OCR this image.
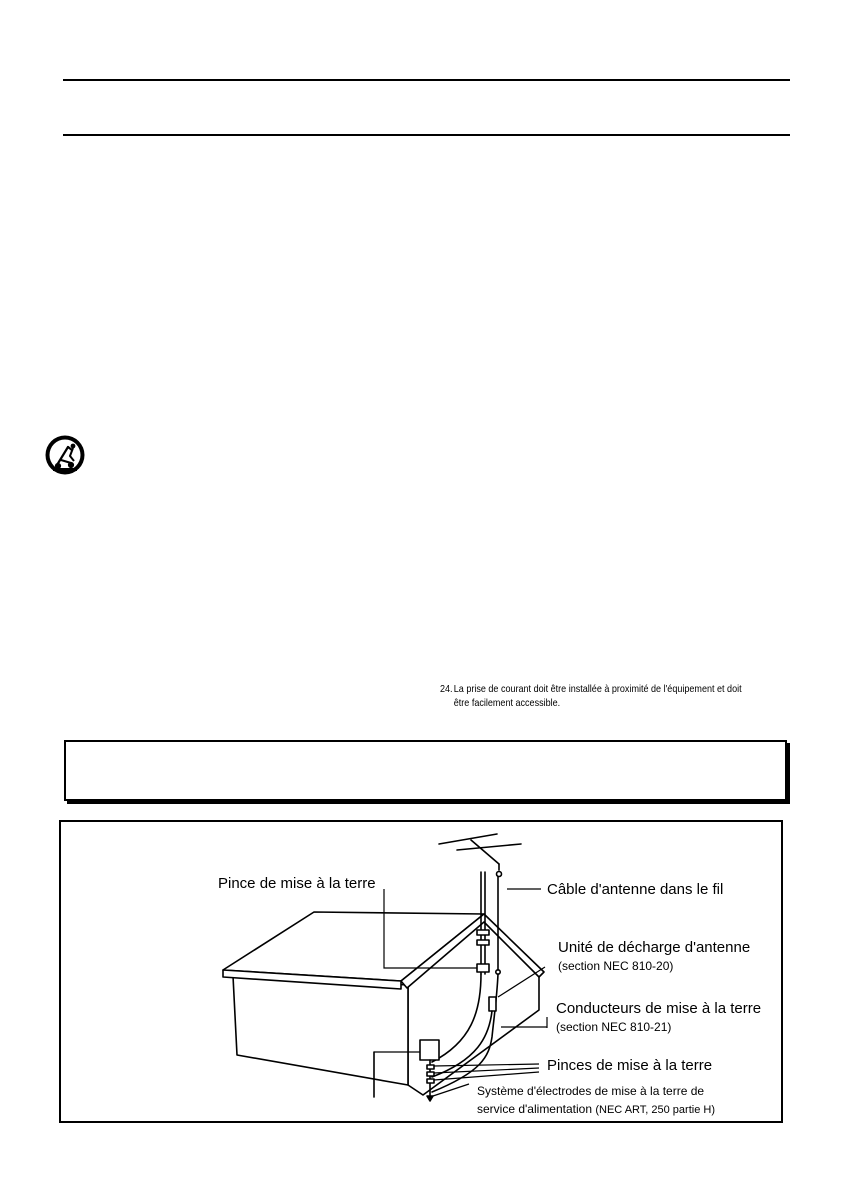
24.La prise de courant doit être installée à proximité de l'équipement et doit
être facilement accessible.
Pince de mise à la terre	Câble d'antenne dans le fil
Unité de décharge d'antenne
(section NEC 810-20)
Conducteurs de mise à la terre
(section NEC 810-21)
Pinces de mise à la terre
Système d'électrodes de mise à la terre de
service d'alimentation (NEC ART, 250 partie H)
